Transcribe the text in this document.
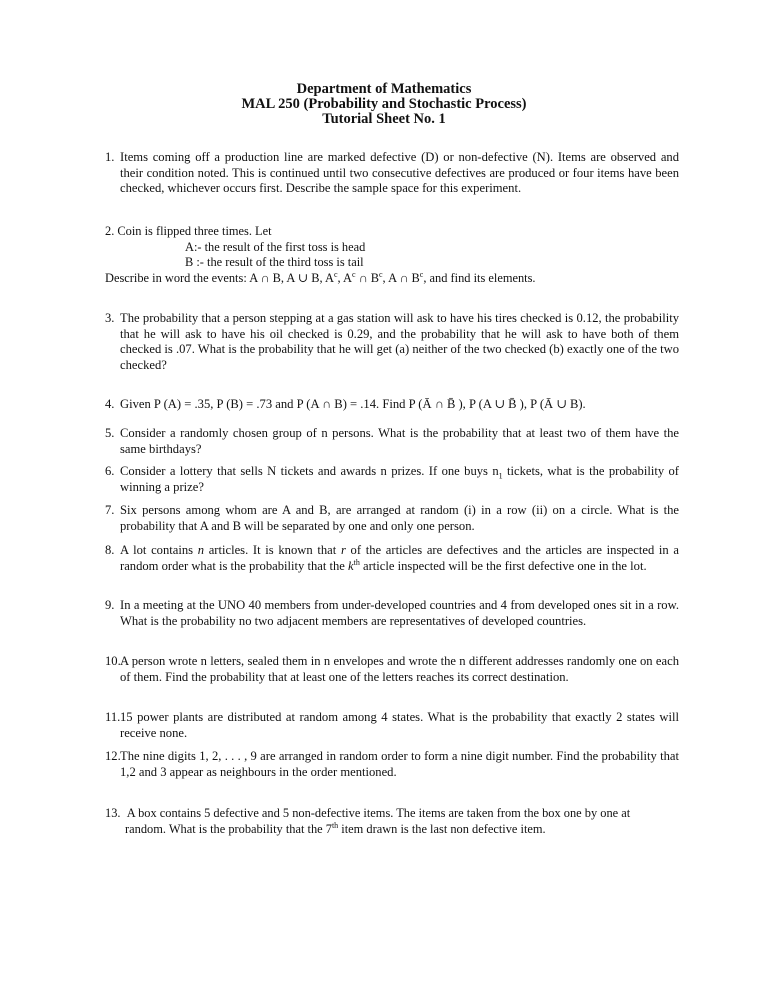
Department of Mathematics
MAL 250 (Probability and Stochastic Process)
Tutorial Sheet No. 1
1. Items coming off a production line are marked defective (D) or non-defective (N). Items are observed and their condition noted. This is continued until two consecutive defectives are produced or four items have been checked, whichever occurs first. Describe the sample space for this experiment.
2. Coin is flipped three times. Let
A:- the result of the first toss is head
B :- the result of the third toss is tail
Describe in word the events: A ∩ B, A ∪ B, $A^c$, $A^c$ ∩ $B^c$, A ∩ $B^c$, and find its elements.
3. The probability that a person stepping at a gas station will ask to have his tires checked is 0.12, the probability that he will ask to have his oil checked is 0.29, and the probability that he will ask to have both of them checked is .07. What is the probability that he will get (a) neither of the two checked (b) exactly one of the two checked?
4. Given P (A) = .35, P (B) = .73 and P (A ∩ B) = .14. Find P (Ā ∩ B̄ ), P (A ∪ B̄ ), P (Ā ∪ B).
5. Consider a randomly chosen group of n persons. What is the probability that at least two of them have the same birthdays?
6. Consider a lottery that sells N tickets and awards n prizes. If one buys $n_1$ tickets, what is the probability of winning a prize?
7. Six persons among whom are A and B, are arranged at random (i) in a row (ii) on a circle. What is the probability that A and B will be separated by one and only one person.
8. A lot contains n articles. It is known that r of the articles are defectives and the articles are inspected in a random order what is the probability that the $k^{th}$ article inspected will be the first defective one in the lot.
9. In a meeting at the UNO 40 members from under-developed countries and 4 from developed ones sit in a row. What is the probability no two adjacent members are representatives of developed countries.
10. A person wrote n letters, sealed them in n envelopes and wrote the n different addresses randomly one on each of them. Find the probability that at least one of the letters reaches its correct destination.
11. 15 power plants are distributed at random among 4 states. What is the probability that exactly 2 states will receive none.
12. The nine digits 1, 2, . . . , 9 are arranged in random order to form a nine digit number. Find the probability that 1,2 and 3 appear as neighbours in the order mentioned.
13. A box contains 5 defective and 5 non-defective items. The items are taken from the box one by one at
random. What is the probability that the 7th item drawn is the last non defective item.
